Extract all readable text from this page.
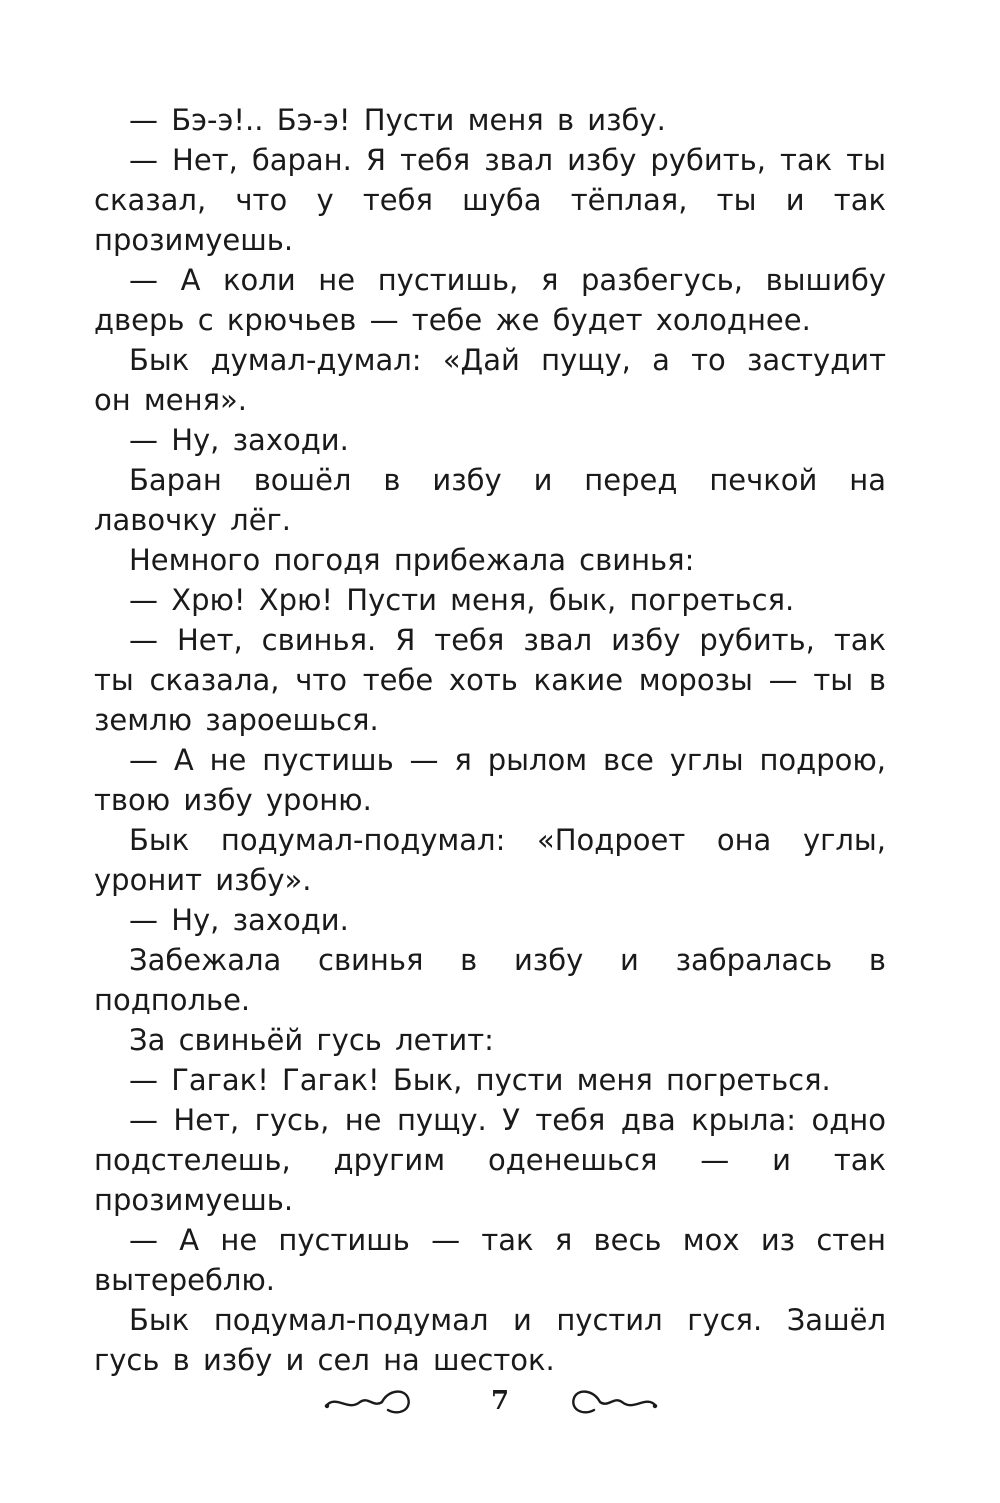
— Бэ-э!.. Бэ-э! Пусти меня в избу.

— Нет, баран. Я тебя звал избу рубить, так ты сказал, что у тебя шуба тёплая, ты и так прозимуешь.

— А коли не пустишь, я разбегусь, вышибу дверь с крючьев — тебе же будет холоднее.

Бык думал-думал: «Дай пущу, а то застудит он меня».

— Ну, заходи.

Баран вошёл в избу и перед печкой на лавочку лёг.

Немного погодя прибежала свинья:

— Хрю! Хрю! Пусти меня, бык, погреться.

— Нет, свинья. Я тебя звал избу рубить, так ты сказала, что тебе хоть какие морозы — ты в землю зароешься.

— А не пустишь — я рылом все углы подрою, твою избу уроню.

Бык подумал-подумал: «Подроет она углы, уронит избу».

— Ну, заходи.

Забежала свинья в избу и забралась в подполье.

За свиньёй гусь летит:

— Гагак! Гагак! Бык, пусти меня погреться.

— Нет, гусь, не пущу. У тебя два крыла: одно подстелешь, другим оденешься — и так прозимуешь.

— А не пустишь — так я весь мох из стен вытереблю.

Бык подумал-подумал и пустил гуся. Зашёл гусь в избу и сел на шесток.

7
